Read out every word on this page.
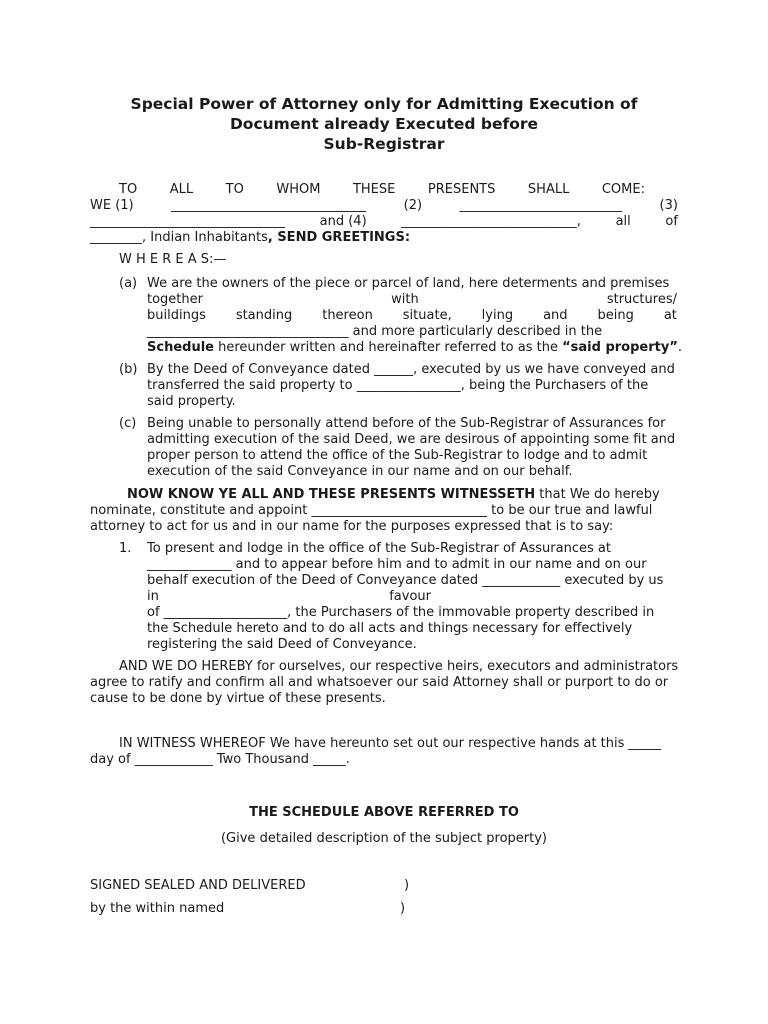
Special Power of Attorney only for Admitting Execution of
Document already Executed before
Sub-Registrar
TO	ALL	TO	WHOM	THESE	PRESENTS	SHALL	COME:
WE (1)	______________________________	(2)	_________________________	(3)
______________________________	and (4)	___________________________,	all	of
________, Indian Inhabitants, SEND GREETINGS:
W H E R E A S:—
(a) We are the owners of the piece or parcel of land, here determents and premises
together	with	structures/
buildings standing thereon situate, lying and being at
_______________________________ and more particularly described in the
Schedule hereunder written and hereinafter referred to as the “said property”.
(b) By the Deed of Conveyance dated ______, executed by us we have conveyed and
transferred the said property to ________________, being the Purchasers of the
said property.
(c) Being unable to personally attend before of the Sub-Registrar of Assurances for
admitting execution of the said Deed, we are desirous of appointing some fit and
proper person to attend the office of the Sub-Registrar to lodge and to admit
execution of the said Conveyance in our name and on our behalf.
NOW KNOW YE ALL AND THESE PRESENTS WITNESSETH that We do hereby
nominate, constitute and appoint ___________________________ to be our true and lawful
attorney to act for us and in our name for the purposes expressed that is to say:
1. To present and lodge in the office of the Sub-Registrar of Assurances at
_____________ and to appear before him and to admit in our name and on our
behalf execution of the Deed of Conveyance dated ____________ executed by us
in	favour
of ___________________, the Purchasers of the immovable property described in
the Schedule hereto and to do all acts and things necessary for effectively
registering the said Deed of Conveyance.
AND WE DO HEREBY for ourselves, our respective heirs, executors and administrators
agree to ratify and confirm all and whatsoever our said Attorney shall or purport to do or
cause to be done by virtue of these presents.
IN WITNESS WHEREOF We have hereunto set out our respective hands at this _____
day of ____________ Two Thousand _____.
THE SCHEDULE ABOVE REFERRED TO
(Give detailed description of the subject property)
SIGNED SEALED AND DELIVERED	)
by the within named	)
